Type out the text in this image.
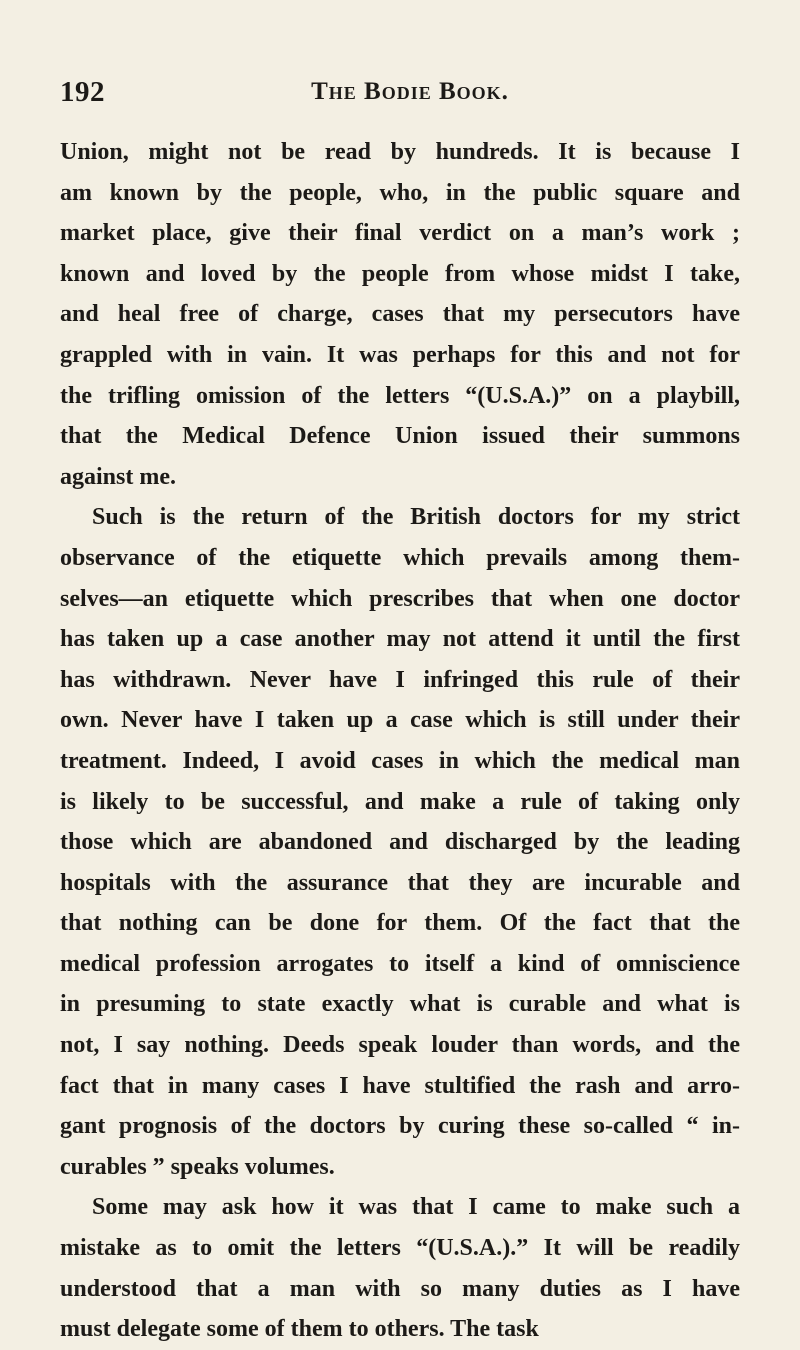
192	The Bodie Book.
Union, might not be read by hundreds. It is because I
am known by the people, who, in the public square and
market place, give their final verdict on a man’s work ;
known and loved by the people from whose midst I take,
and heal free of charge, cases that my persecutors have
grappled with in vain. It was perhaps for this and not for
the trifling omission of the letters “(U.S.A.)” on a playbill,
that the Medical Defence Union issued their summons
against me.
Such is the return of the British doctors for my strict
observance of the etiquette which prevails among them-
selves—an etiquette which prescribes that when one doctor
has taken up a case another may not attend it until the first
has withdrawn. Never have I infringed this rule of their
own. Never have I taken up a case which is still under their
treatment. Indeed, I avoid cases in which the medical man
is likely to be successful, and make a rule of taking only
those which are abandoned and discharged by the leading
hospitals with the assurance that they are incurable and
that nothing can be done for them. Of the fact that the
medical profession arrogates to itself a kind of omniscience
in presuming to state exactly what is curable and what is
not, I say nothing. Deeds speak louder than words, and the
fact that in many cases I have stultified the rash and arro-
gant prognosis of the doctors by curing these so-called “ in-
curables ” speaks volumes.
Some may ask how it was that I came to make such a
mistake as to omit the letters “(U.S.A.).” It will be readily
understood that a man with so many duties as I have
must delegate some of them to others. The task
